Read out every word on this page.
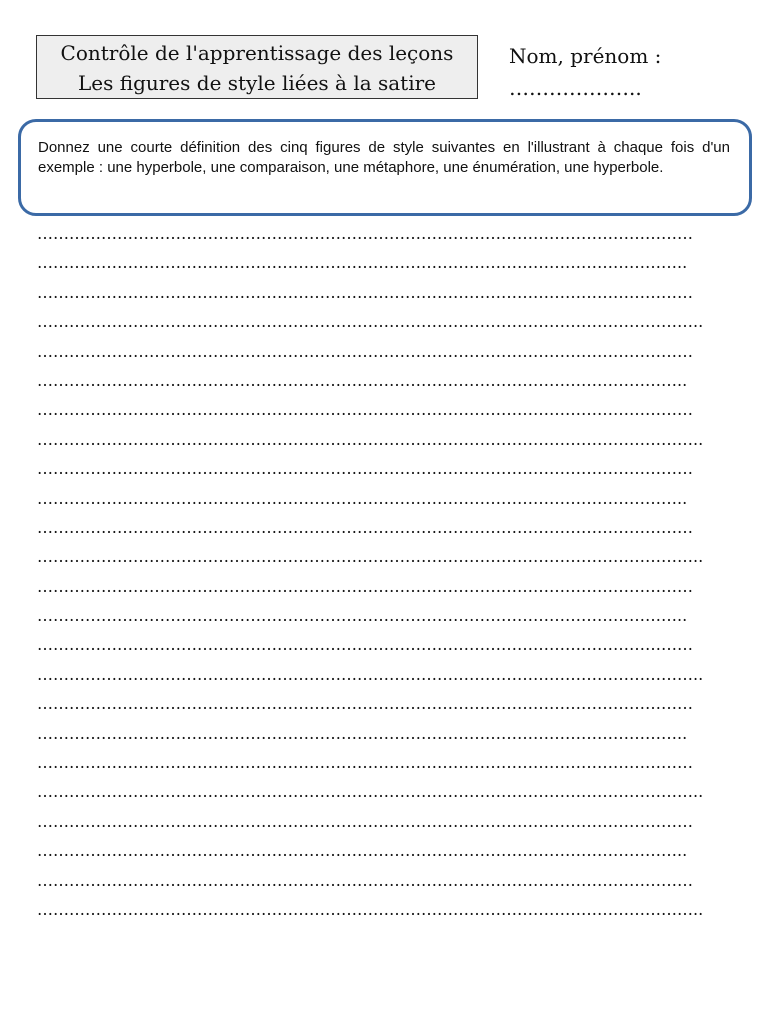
Contrôle de l'apprentissage des leçons
Les figures de style liées à la satire
Nom, prénom :
………………..
Donnez une courte définition des cinq figures de style suivantes en l'illustrant à chaque fois d'un exemple : une hyperbole, une comparaison, une métaphore, une énumération, une hyperbole.
……………………………………………………………………………………………………………
…………………………………………………………………………………………………………..
……………………………………………………………………………………………………………
……………………………………………………………………………………………………………..
……………………………………………………………………………………………………………
…………………………………………………………………………………………………………..
……………………………………………………………………………………………………………
……………………………………………………………………………………………………………..
……………………………………………………………………………………………………………
…………………………………………………………………………………………………………..
……………………………………………………………………………………………………………
……………………………………………………………………………………………………………..
……………………………………………………………………………………………………………
…………………………………………………………………………………………………………..
……………………………………………………………………………………………………………
……………………………………………………………………………………………………………..
……………………………………………………………………………………………………………
…………………………………………………………………………………………………………..
……………………………………………………………………………………………………………
……………………………………………………………………………………………………………..
……………………………………………………………………………………………………………
…………………………………………………………………………………………………………..
……………………………………………………………………………………………………………
……………………………………………………………………………………………………………..
